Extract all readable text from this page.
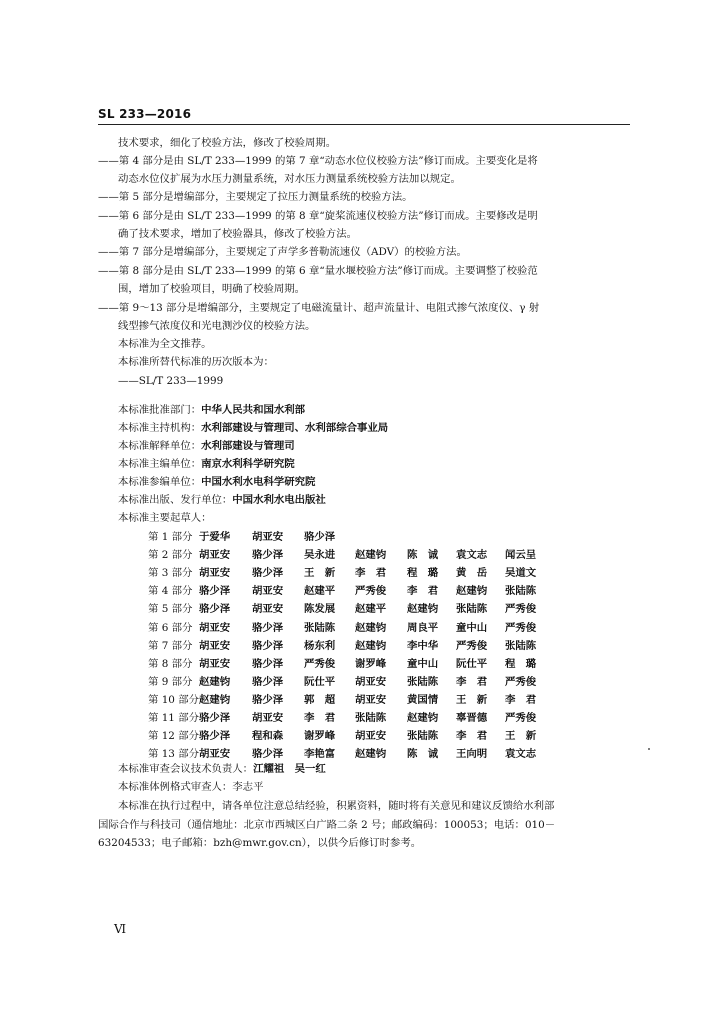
SL 233—2016
技术要求，细化了校验方法，修改了校验周期。
——第 4 部分是由 SL/T 233—1999 的第 7 章“动态水位仪校验方法”修订而成。主要变化是将
动态水位仪扩展为水压力测量系统，对水压力测量系统校验方法加以规定。
——第 5 部分是增编部分，主要规定了拉压力测量系统的校验方法。
——第 6 部分是由 SL/T 233—1999 的第 8 章“旋桨流速仪校验方法”修订而成。主要修改是明
确了技术要求，增加了校验器具，修改了校验方法。
——第 7 部分是增编部分，主要规定了声学多普勒流速仪（ADV）的校验方法。
——第 8 部分是由 SL/T 233—1999 的第 6 章“量水堰校验方法”修订而成。主要调整了校验范
围，增加了校验项目，明确了校验周期。
——第 9～13 部分是增编部分，主要规定了电磁流量计、超声流量计、电阻式掺气浓度仪、γ 射
线型掺气浓度仪和光电测沙仪的校验方法。
本标准为全文推荐。
本标准所替代标准的历次版本为：
——SL/T 233—1999
本标准批准部门：中华人民共和国水利部
本标准主持机构：水利部建设与管理司、水利部综合事业局
本标准解释单位：水利部建设与管理司
本标准主编单位：南京水利科学研究院
本标准参编单位：中国水利水电科学研究院
本标准出版、发行单位：中国水利水电出版社
本标准主要起草人：
第 1 部分 于爱华 胡亚安 骆少泽
第 2 部分 胡亚安 骆少泽 吴永进 赵建钧 陈　诚 袁文志 闻云呈
第 3 部分 胡亚安 骆少泽 王　新 李　君 程　璐 黄　岳 吴道文
第 4 部分 骆少泽 胡亚安 赵建平 严秀俊 李　君 赵建钧 张陆陈
第 5 部分 骆少泽 胡亚安 陈发展 赵建平 赵建钧 张陆陈 严秀俊
第 6 部分 胡亚安 骆少泽 张陆陈 赵建钧 周良平 童中山 严秀俊
第 7 部分 胡亚安 骆少泽 杨东利 赵建钧 李中华 严秀俊 张陆陈
第 8 部分 胡亚安 骆少泽 严秀俊 谢罗峰 童中山 阮仕平 程　璐
第 9 部分 赵建钧 骆少泽 阮仕平 胡亚安 张陆陈 李　君 严秀俊
第 10 部分 赵建钧 骆少泽 郭　超 胡亚安 黄国情 王　新 李　君
第 11 部分 骆少泽 胡亚安 李　君 张陆陈 赵建钧 辜晋德 严秀俊
第 12 部分 骆少泽 程和森 谢罗峰 胡亚安 张陆陈 李　君 王　新
第 13 部分 胡亚安 骆少泽 李艳富 赵建钧 陈　诚 王向明 袁文志
本标准审查会议技术负责人：江耀祖　吴一红
本标准体例格式审查人：李志平
本标准在执行过程中，请各单位注意总结经验，积累资料，随时将有关意见和建议反馈给水利部
国际合作与科技司（通信地址：北京市西城区白广路二条 2 号；邮政编码：100053；电话：010－
63204533；电子邮箱：bzh@mwr.gov.cn），以供今后修订时参考。
Ⅵ
